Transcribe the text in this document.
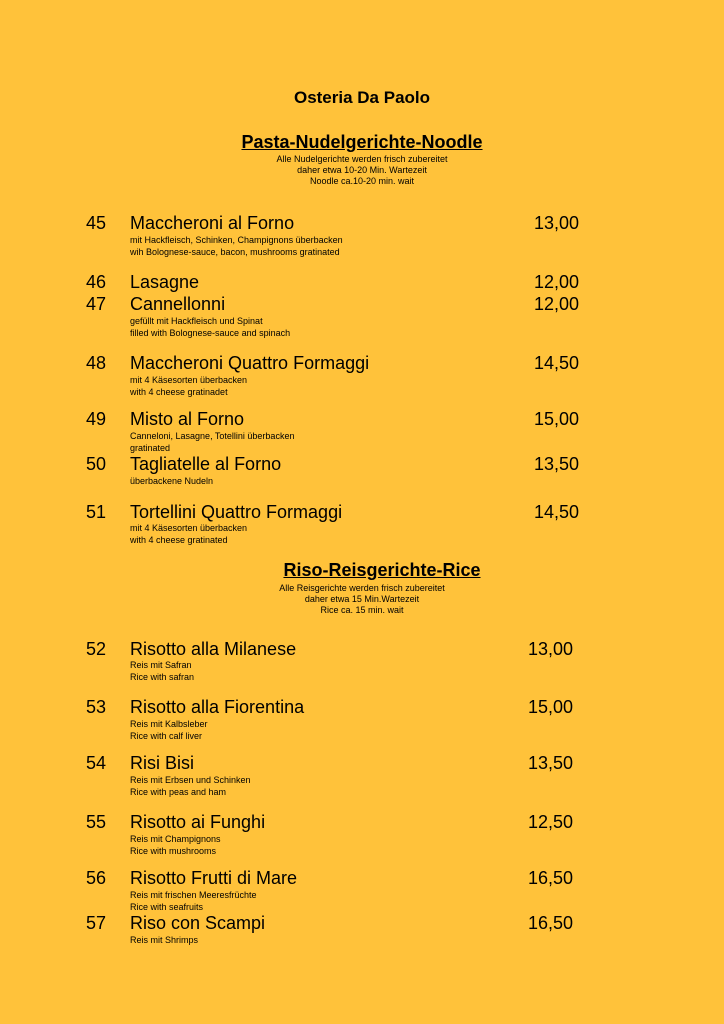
Osteria Da Paolo
Pasta-Nudelgerichte-Noodle
Alle Nudelgerichte werden frisch zubereitet
daher etwa 10-20 Min. Wartezeit
Noodle ca.10-20 min. wait
45 Maccheroni al Forno	13,00
mit Hackfleisch, Schinken, Champignons überbacken
wih Bolognese-sauce, bacon, mushrooms gratinated
46 Lasagne	12,00
47 Cannellonni	12,00
gefüllt mit Hackfleisch und Spinat
filled with Bolognese-sauce and spinach
48 Maccheroni Quattro Formaggi	14,50
mit 4 Käsesorten überbacken
with 4 cheese gratinadet
49 Misto al Forno	15,00
Canneloni, Lasagne, Totellini überbacken
gratinated
50 Tagliatelle al Forno	13,50
überbackene Nudeln
51 Tortellini Quattro Formaggi	14,50
mit 4 Käsesorten überbacken
with 4 cheese gratinated
Riso-Reisgerichte-Rice
Alle Reisgerichte werden frisch zubereitet
daher etwa 15 Min.Wartezeit
Rice ca. 15 min. wait
52 Risotto alla Milanese	13,00
Reis mit Safran
Rice with safran
53 Risotto alla Fiorentina	15,00
Reis mit Kalbsleber
Rice with calf liver
54 Risi Bisi	13,50
Reis mit Erbsen und Schinken
Rice with peas and ham
55 Risotto ai Funghi	12,50
Reis mit Champignons
Rice with mushrooms
56 Risotto Frutti di Mare	16,50
Reis mit frischen Meeresfrüchte
Rice with seafruits
57 Riso con Scampi	16,50
Reis mit Shrimps
